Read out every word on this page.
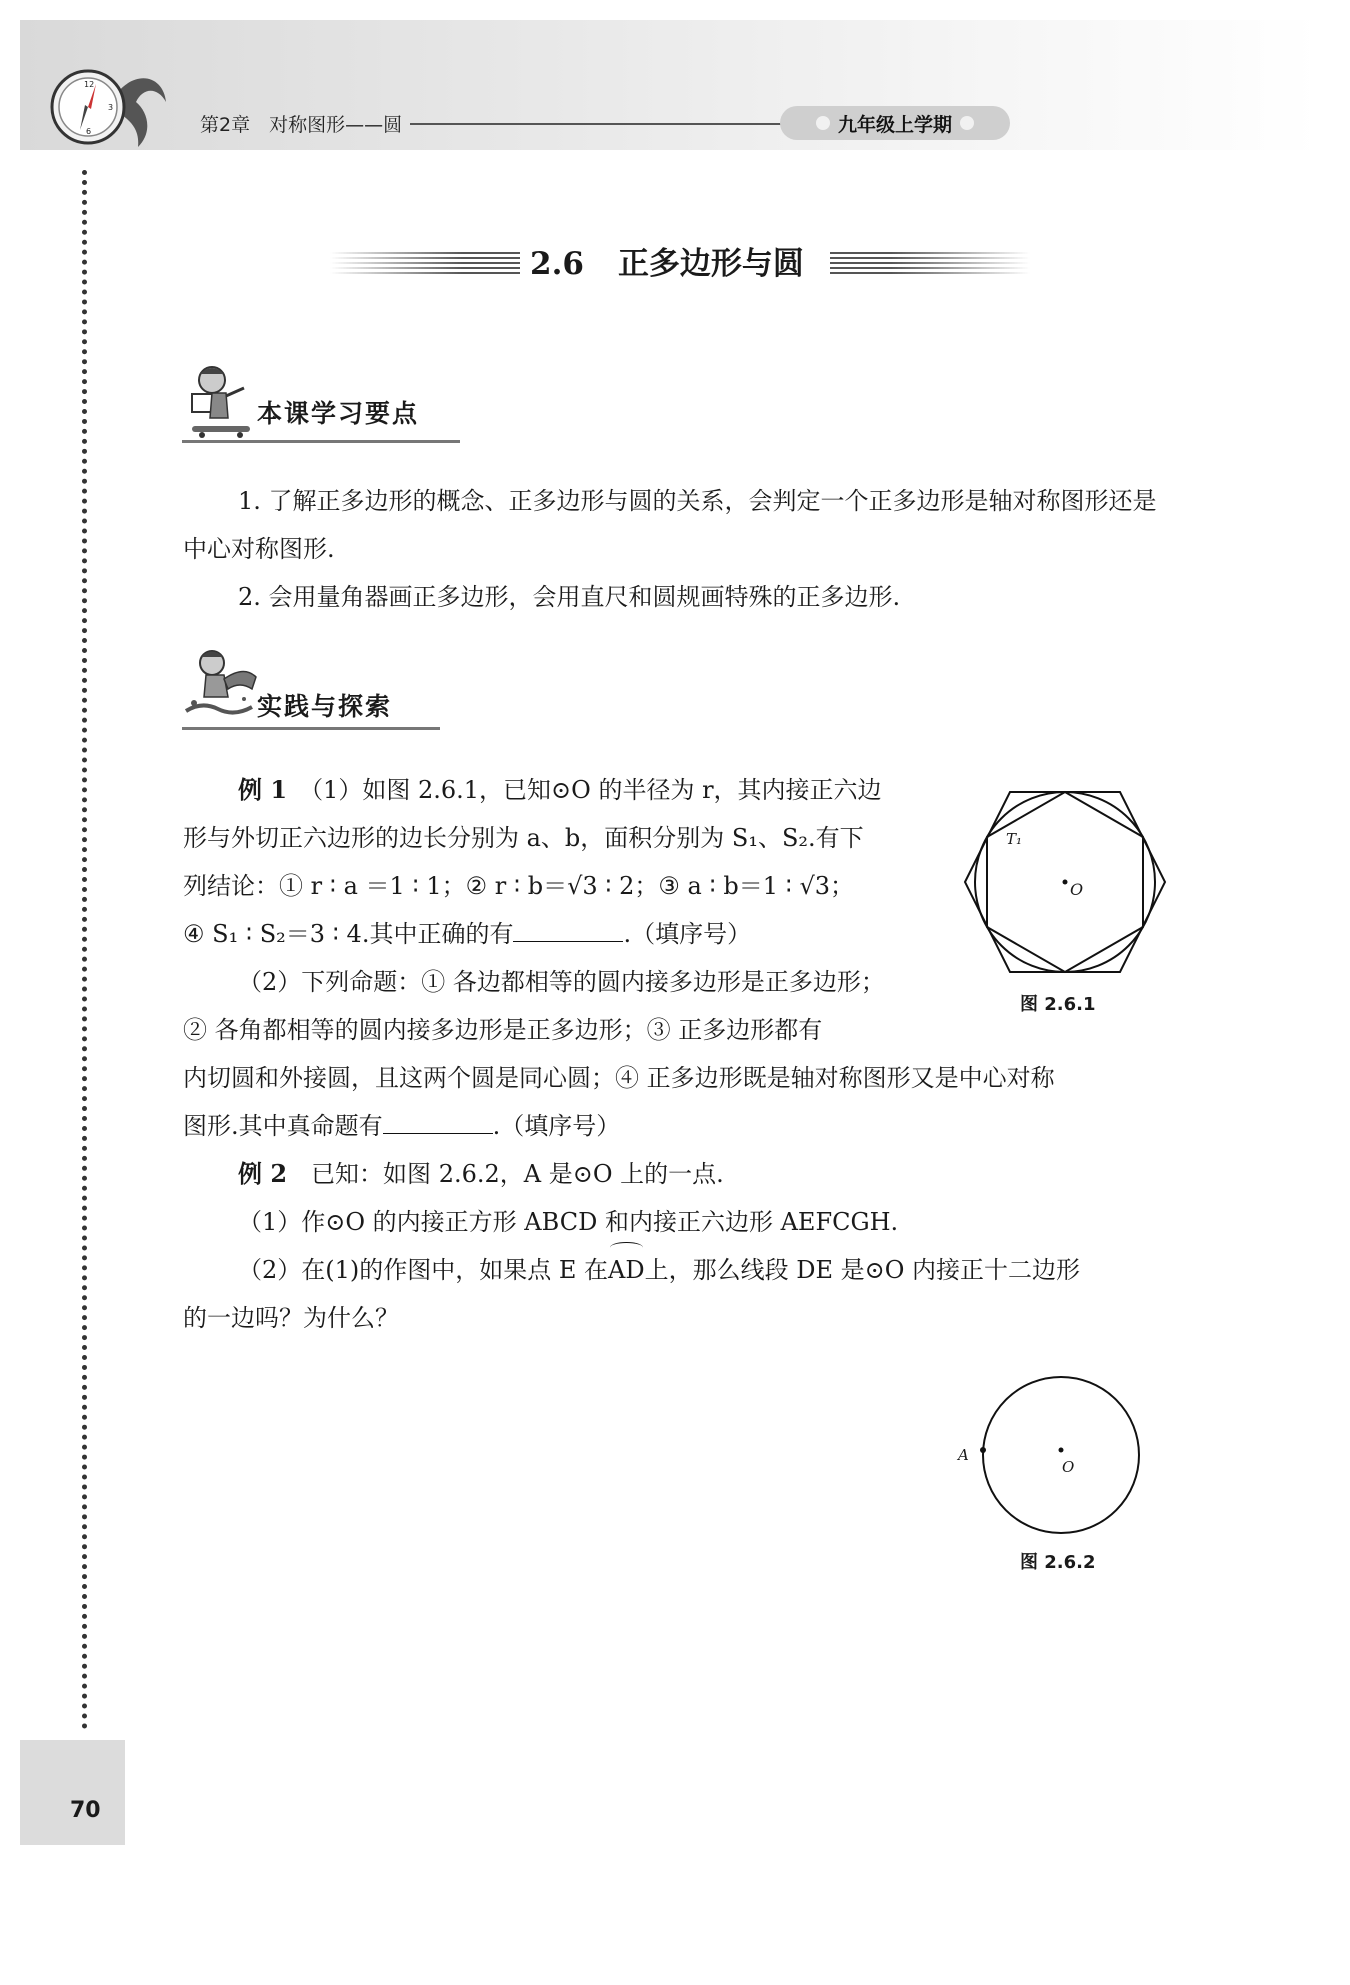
12
3
6	第2章　对称图形——圆	九年级上学期
70
2.6 正多边形与圆
本课学习要点
1. 了解正多边形的概念、正多边形与圆的关系，会判定一个正多边形是轴对称图形还是中心对称图形.
2. 会用量角器画正多边形，会用直尺和圆规画特殊的正多边形.
实践与探索
例 1　 （1）如图 2.6.1，已知⊙O 的半径为 r，其内接正六边
形与外切正六边形的边长分别为 a、b，面积分别为 S₁、S₂.有下
列结论：① r ∶ a ＝1 ∶ 1；② r ∶ b＝√3 ∶ 2；③ a ∶ b＝1 ∶ √3；
④ S₁ ∶ S₂＝3 ∶ 4.其中正确的有	.（填序号）
（2）下列命题：① 各边都相等的圆内接多边形是正多边形；
② 各角都相等的圆内接多边形是正多边形；③ 正多边形都有
内切圆和外接圆，且这两个圆是同心圆；④ 正多边形既是轴对称图形又是中心对称
图形.其中真命题有	.（填序号）
例 2　 已知：如图 2.6.2，A 是⊙O 上的一点.
（1）作⊙O 的内接正方形 ABCD 和内接正六边形 AEFCGH.
（2）在(1)的作图中，如果点 E 在AD上，那么线段 DE 是⊙O 内接正十二边形
的一边吗？为什么？
T₁
O
图 2.6.1
A
O
图 2.6.2
